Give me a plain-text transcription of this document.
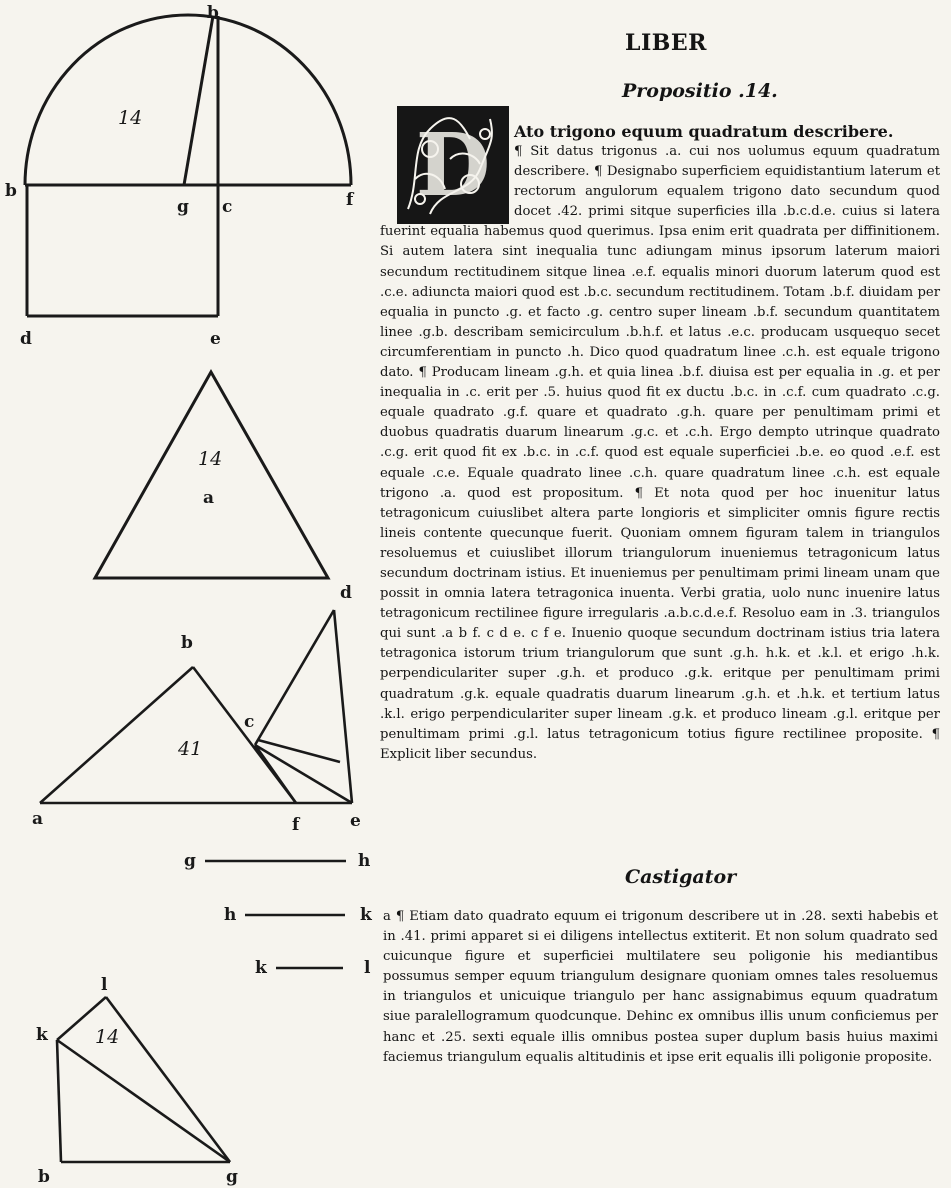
b
14
b
g c	f
d	e
14
a
b
d
c
41
a	f	e
g	h
h	k
k	l
l
k 14
b	g
LIBER
Propositio .14.
D	Ato trigono equum quadratum describere.
¶ Sit datus trigonus .a. cui nos uolumus equum quadratum describere. ¶ Designabo superficiem equidistantium laterum et rectorum angulorum equalem trigono dato secundum quod docet .42. primi sitque superficies illa .b.c.d.e. cuius si latera fuerint equalia habemus quod querimus. Ipsa enim erit quadrata per diffinitionem. Si autem latera sint inequalia tunc adiungam minus ipsorum laterum maiori secundum rectitudinem sitque linea .e.f. equalis minori duorum laterum quod est .c.e. adiuncta maiori quod est .b.c. secundum rectitudinem. Totam .b.f. diuidam per equalia in puncto .g. et facto .g. centro super lineam .b.f. secundum quantitatem linee .g.b. describam semicirculum .b.h.f. et latus .e.c. producam usquequo secet circumferentiam in puncto .h. Dico quod quadratum linee .c.h. est equale trigono dato. ¶ Producam lineam .g.h. et quia linea .b.f. diuisa est per equalia in .g. et per inequalia in .c. erit per .5. huius quod fit ex ductu .b.c. in .c.f. cum quadrato .c.g. equale quadrato .g.f. quare et quadrato .g.h. quare per penultimam primi et duobus quadratis duarum linearum .g.c. et .c.h. Ergo dempto utrinque quadrato .c.g. erit quod fit ex .b.c. in .c.f. quod est equale superficiei .b.e. eo quod .e.f. est equale .c.e. Equale quadrato linee .c.h. quare quadratum linee .c.h. est equale trigono .a. quod est propositum. ¶ Et nota quod per hoc inuenitur latus tetragonicum cuiuslibet altera parte longioris et simpliciter omnis figure rectis lineis contente quecunque fuerit. Quoniam omnem figuram talem in triangulos resoluemus et cuiuslibet illorum triangulorum inueniemus tetragonicum latus secundum doctrinam istius. Et inueniemus per penultimam primi lineam unam que possit in omnia latera tetragonica inuenta. Verbi gratia, uolo nunc inuenire latus tetragonicum rectilinee figure irregularis .a.b.c.d.e.f. Resoluo eam in .3. triangulos qui sunt .a b f. c d e. c f e. Inuenio quoque secundum doctrinam istius tria latera tetragonica istorum trium triangulorum que sunt .g.h. h.k. et .k.l. et erigo .h.k. perpendiculariter super .g.h. et produco .g.k. eritque per penultimam primi quadratum .g.k. equale quadratis duarum linearum .g.h. et .h.k. et tertium latus .k.l. erigo perpendiculariter super lineam .g.k. et produco lineam .g.l. eritque per penultimam primi .g.l. latus tetragonicum totius figure rectilinee proposite. ¶ Explicit liber secundus.
Castigator
a ¶ Etiam dato quadrato equum ei trigonum describere ut in .28. sexti habebis et in .41. primi apparet si ei diligens intellectus extiterit. Et non solum quadrato sed cuicunque figure et superficiei multilatere seu poligonie his mediantibus possumus semper equum triangulum designare quoniam omnes tales resoluemus in triangulos et unicuique triangulo per hanc assignabimus equum quadratum siue paralellogramum quodcunque. Dehinc ex omnibus illis unum conficiemus per hanc et .25. sexti equale illis omnibus postea super duplum basis huius maximi faciemus triangulum equalis altitudinis et ipse erit equalis illi poligonie proposite.
